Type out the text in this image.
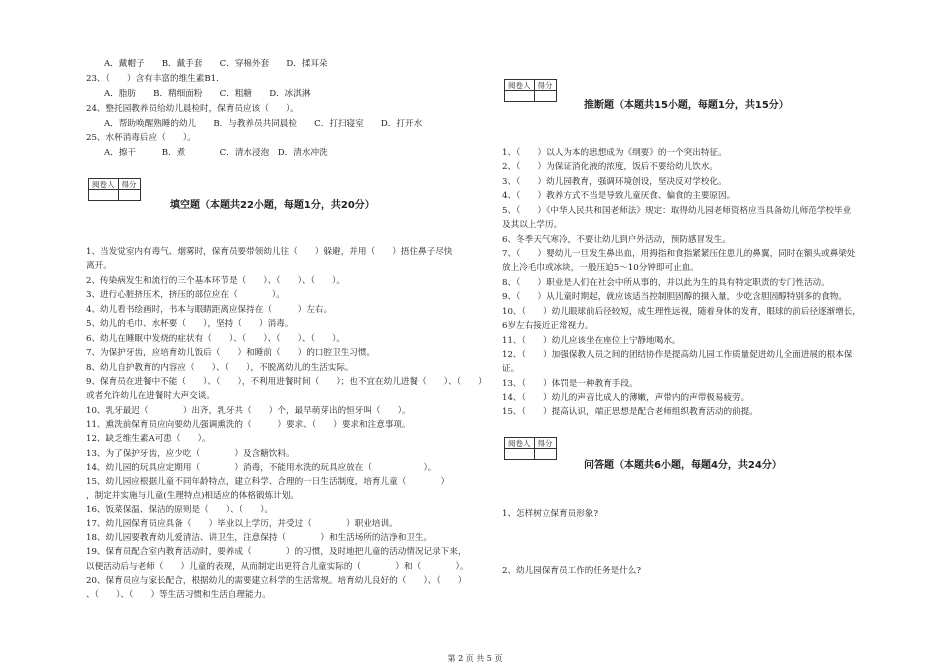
A．戴帽子　　B．戴手套　　C．穿棉外套　　D．揉耳朵
23、（　　）含有丰富的维生素B1.
A．脂肪　　B．精细面粉　　C．粗糖　　D．冰淇淋
24、整托园教养员给幼儿晨检时，保育员应该（　　）。
A．帮助唤醒熟睡的幼儿　　B．与教养员共同晨检　　C．打扫寝室　　D．打开水
25、水杯消毒后应（　　）。
A．擦干　　　B．煮　　　　C．清水浸泡　D．清水冲洗
阅卷人	得分

填空题（本题共22小题，每题1分，共20分）
1、当发觉室内有毒气、烟雾时，保育员要带领幼儿往（　　）躲避，并用（　　）捂住鼻子尽快
离开。
2、传染病发生和流行的三个基本环节是（　　）、（　　）、（　　）。
3、进行心脏挤压术，挤压的部位应在（　　　　）。
4、幼儿看书绘画时，书本与眼睛距离应保持在（　　　）左右。
5、幼儿的毛巾、水杯要（　　），坚持（　　）消毒。
6、幼儿在睡眠中发烧的症状有（　　）、（　　）、（　　）、（　　）。
7、为保护牙齿，应培育幼儿饭后（　　）和睡前（　　）的口腔卫生习惯。
8、幼儿自护教育的内容应（　　）、（　　），不脱离幼儿的生活实际。
9、保育员在进餐中不能（　　）、（　　），不利用进餐时间（　　）；也不宜在幼儿进餐（　　）、（　　）
或者允许幼儿在进餐时大声交谈。
10、乳牙最迟（　　　　）出齐，乳牙共（　　）个，最早萌芽出的恒牙叫（　　）。
11、熏洗前保育员应向要幼儿强调熏洗的（　　　）要求、（　　）要求和注意事项。
12、缺乏维生素A可患（　　）。
13、为了保护牙齿，应少吃（　　　　）及含糖饮料。
14、幼儿园的玩具应定期用（　　　　）消毒，不能用水洗的玩具应放在（　　　　　　）。
15、幼儿园应根据儿童不同年龄特点，建立科学、合理的一日生活制度，培育儿童（　　　　）
，制定并实施与儿童(生理特点)相适应的体格锻炼计划。
16、饭菜保温、保洁的原则是（　　）、（　　）。
17、幼儿园保育员应具备（　　）毕业以上学历，并受过（　　　　）职业培训。
18、幼儿园要教育幼儿爱清洁、讲卫生，注意保持（　　　　）和生活场所的洁净和卫生。
19、保育员配合室内教育活动时，要养成（　　　　）的习惯，及时地把儿童的活动情况记录下来，
以便活动后与老师（　　）儿童的表现，从而制定出更符合儿童实际的（　　　　）和（　　　　）。
20、保育员应与家长配合，根据幼儿的需要建立科学的生活常规。培育幼儿良好的（　　）、（　　）
、（　　）、（　　）等生活习惯和生活自理能力。
阅卷人	得分

推断题（本题共15小题，每题1分，共15分）
1、（　　）以人为本的思想成为《纲要》的一个突出特征。
2、（　　）为保证消化液的浓度，饭后不要给幼儿饮水。
3、（　　）幼儿园教育，强调环境创设，坚决反对学校化。
4、（　　）教养方式不当是导致儿童厌食、偏食的主要原因。
5、（　　）《中华人民共和国老师法》规定：取得幼儿园老师资格应当具备幼儿师范学校毕业
及其以上学历。
6、冬季天气寒冷，不要让幼儿到户外活动，预防感冒发生。
7、（　　）婴幼儿一旦发生鼻出血，用拇指和食指紧紧压住患儿的鼻翼，同时在额头或鼻梁处
放上冷毛巾或冰块，一般压迫5～10分钟即可止血。
8、（　　）职业是人们在社会中所从事的，并以此为生的具有特定职责的专门性活动。
9、（　　）从儿童时期起，就应该适当控制胆固醇的摄入量，少吃含胆固醇特别多的食物。
10、（　　）幼儿眼球前后径较短，成生理性远视，随着身体的发育，眼球的前后径逐渐增长，
6岁左右接近正常视力。
11、（　　）幼儿应该坐在座位上宁静地喝水。
12、（　　）加强保教人员之间的团结协作是提高幼儿园工作质量促进幼儿全面进展的根本保
证。
13、（　　）体罚是一种教育手段。
14、（　　）幼儿的声音比成人的薄嫩，声带内的声带极易疲劳。
15、（　　）提高认识，端正思想是配合老师组织教育活动的前提。
阅卷人	得分

问答题（本题共6小题，每题4分，共24分）
1、怎样树立保育员形象?
2、幼儿园保育员工作的任务是什么?
第 2 页 共 5 页
